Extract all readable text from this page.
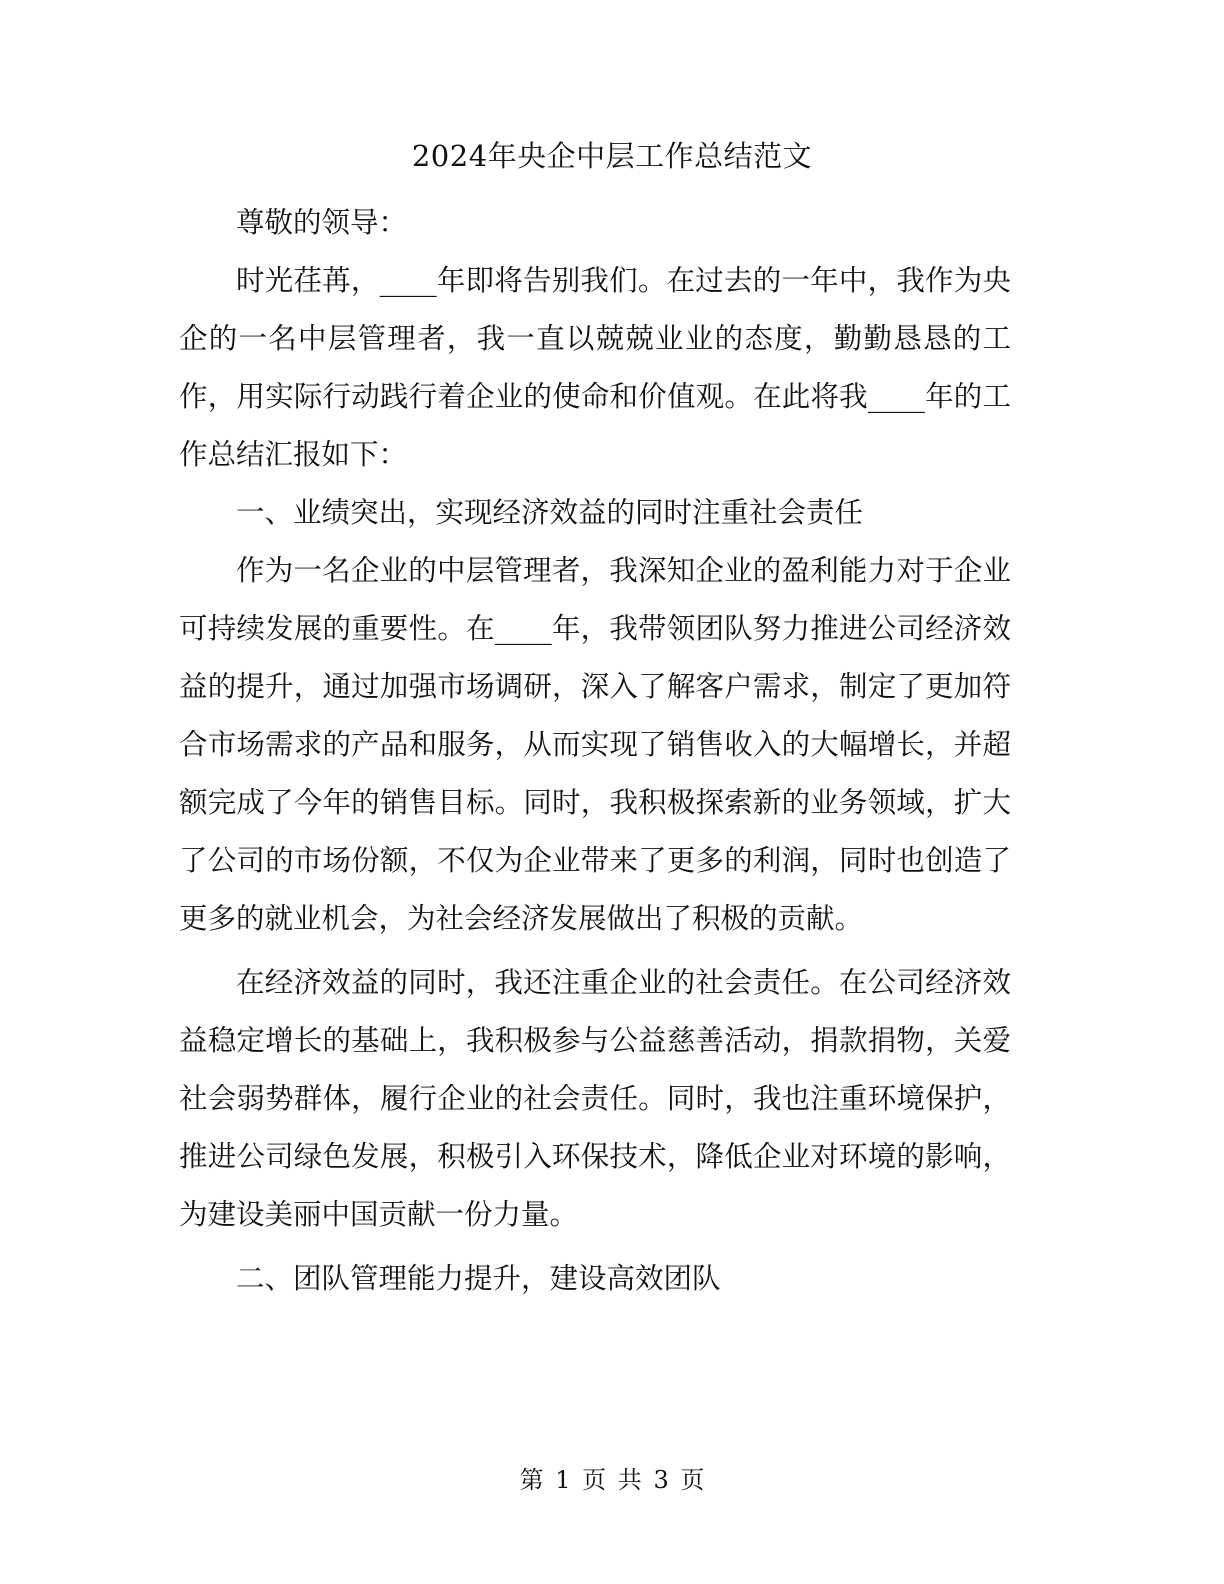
2024年央企中层工作总结范文

尊敬的领导：

时光荏苒，____年即将告别我们。在过去的一年中，我作为央企的一名中层管理者，我一直以兢兢业业的态度，勤勤恳恳的工作，用实际行动践行着企业的使命和价值观。在此将我____年的工作总结汇报如下：

一、业绩突出，实现经济效益的同时注重社会责任

作为一名企业的中层管理者，我深知企业的盈利能力对于企业可持续发展的重要性。在____年，我带领团队努力推进公司经济效益的提升，通过加强市场调研，深入了解客户需求，制定了更加符合市场需求的产品和服务，从而实现了销售收入的大幅增长，并超额完成了今年的销售目标。同时，我积极探索新的业务领域，扩大了公司的市场份额，不仅为企业带来了更多的利润，同时也创造了更多的就业机会，为社会经济发展做出了积极的贡献。

在经济效益的同时，我还注重企业的社会责任。在公司经济效益稳定增长的基础上，我积极参与公益慈善活动，捐款捐物，关爱社会弱势群体，履行企业的社会责任。同时，我也注重环境保护，推进公司绿色发展，积极引入环保技术，降低企业对环境的影响，为建设美丽中国贡献一份力量。

二、团队管理能力提升，建设高效团队

第 1 页 共 3 页
